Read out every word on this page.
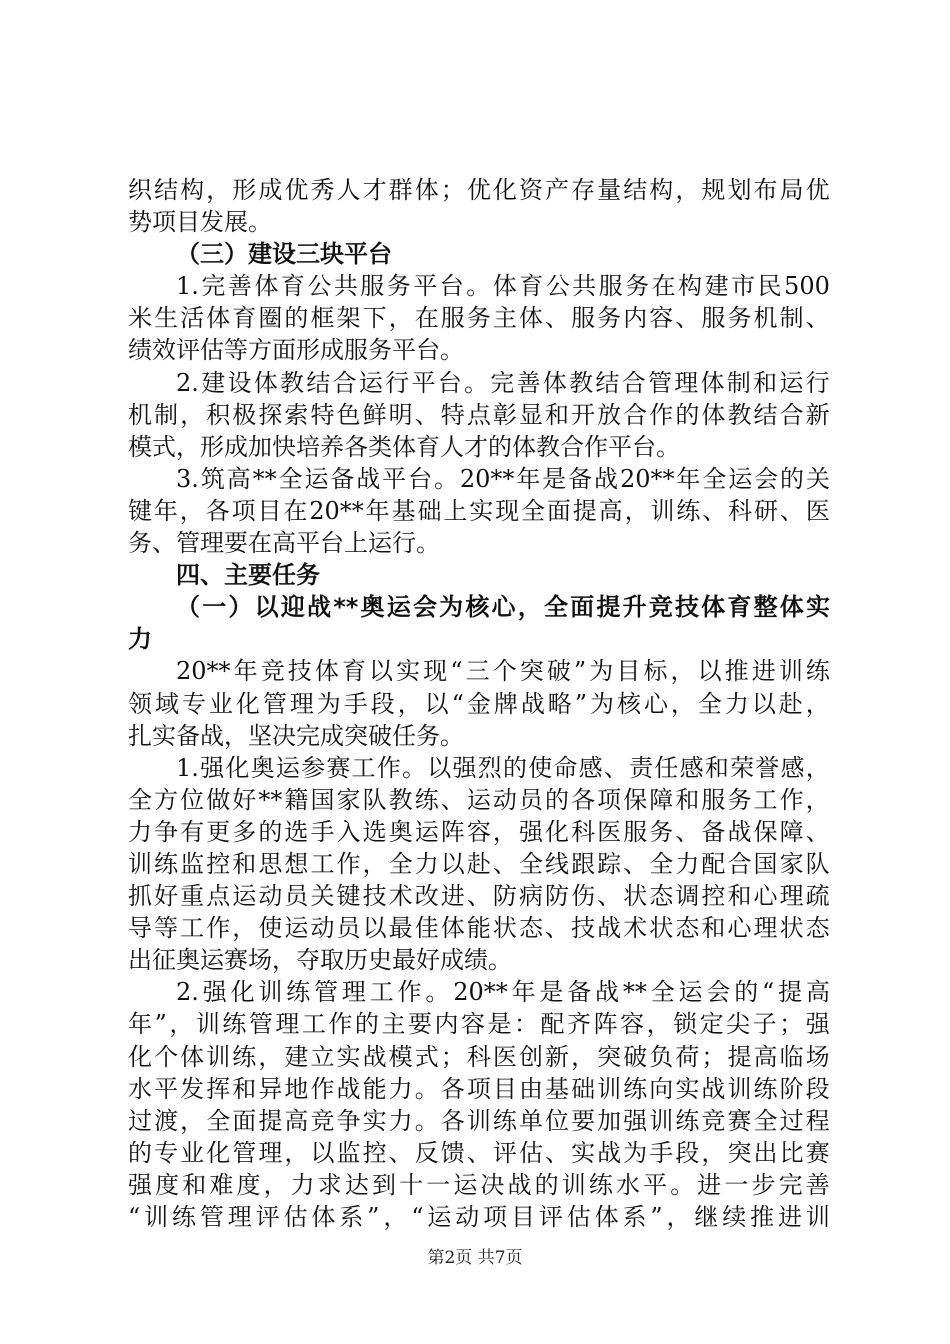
织 结 构 ， 形 成 优 秀 人 才 群 体 ； 优 化 资 产 存 量 结 构 ， 规 划 布 局 优
势项目发展。
（三）建设三块平台
1. 完 善 体 育 公 共 服 务 平 台 。 体 育 公 共 服 务 在 构 建 市 民 500
米 生 活 体 育 圈 的 框 架 下 ， 在 服 务 主 体 、 服 务 内 容 、 服 务 机 制 、
绩效评估等方面形成服务平台。
2. 建 设 体 教 结 合 运 行 平 台 。 完 善 体 教 结 合 管 理 体 制 和 运 行
机 制 ， 积 极 探 索 特 色 鲜 明 、 特 点 彰 显 和 开 放 合 作 的 体 教 结 合 新
模式，形成加快培养各类体育人才的体教合作平台。
3. 筑 高 ** 全 运 备 战 平 台 。 20** 年 是 备 战 20** 年 全 运 会 的 关
键 年 ， 各 项 目 在 20** 年 基 础 上 实 现 全 面 提 高 ， 训 练 、 科 研 、 医
务、管理要在高平台上运行。
四、主要任务
（ 一 ） 以 迎 战 ** 奥 运 会 为 核 心 ， 全 面 提 升 竞 技 体 育 整 体 实
力
20** 年 竞 技 体 育 以 实 现 “ 三 个 突 破 ” 为 目 标 ， 以 推 进 训 练
领 域 专 业 化 管 理 为 手 段 ， 以 “ 金 牌 战 略 ” 为 核 心 ， 全 力 以 赴 ，
扎实备战，坚决完成突破任务。
1. 强 化 奥 运 参 赛 工 作 。 以 强 烈 的 使 命 感 、 责 任 感 和 荣 誉 感 ，
全 方 位 做 好 ** 籍 国 家 队 教 练 、 运 动 员 的 各 项 保 障 和 服 务 工 作 ，
力 争 有 更 多 的 选 手 入 选 奥 运 阵 容 ， 强 化 科 医 服 务 、 备 战 保 障 、
训 练 监 控 和 思 想 工 作 ， 全 力 以 赴 、 全 线 跟 踪 、 全 力 配 合 国 家 队
抓 好 重 点 运 动 员 关 键 技 术 改 进 、 防 病 防 伤 、 状 态 调 控 和 心 理 疏
导 等 工 作 ， 使 运 动 员 以 最 佳 体 能 状 态 、 技 战 术 状 态 和 心 理 状 态
出征奥运赛场，夺取历史最好成绩。
2. 强 化 训 练 管 理 工 作 。 20** 年 是 备 战 ** 全 运 会 的 “ 提 高
年 ” ， 训 练 管 理 工 作 的 主 要 内 容 是 ： 配 齐 阵 容 ， 锁 定 尖 子 ； 强
化 个 体 训 练 ， 建 立 实 战 模 式 ； 科 医 创 新 ， 突 破 负 荷 ； 提 高 临 场
水 平 发 挥 和 异 地 作 战 能 力 。 各 项 目 由 基 础 训 练 向 实 战 训 练 阶 段
过 渡 ， 全 面 提 高 竞 争 实 力 。 各 训 练 单 位 要 加 强 训 练 竞 赛 全 过 程
的 专 业 化 管 理 ， 以 监 控 、 反 馈 、 评 估 、 实 战 为 手 段 ， 突 出 比 赛
强 度 和 难 度 ， 力 求 达 到 十 一 运 决 战 的 训 练 水 平 。 进 一 步 完 善
“ 训 练 管 理 评 估 体 系 ” ， “ 运 动 项 目 评 估 体 系 ” ， 继 续 推 进 训
第2页 共7页
